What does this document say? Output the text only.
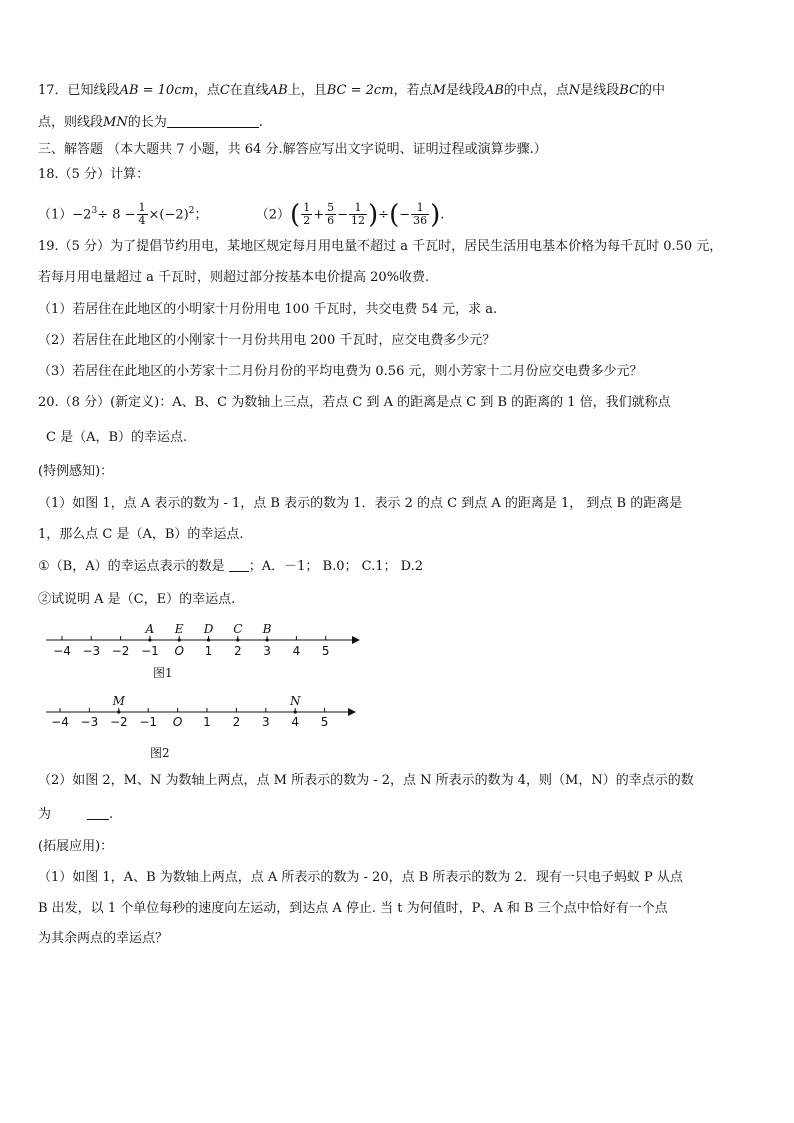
17．已知线段AB = 10cm，点C在直线AB上，且BC = 2cm，若点M是线段AB的中点，点N是线段BC的中
点，则线段MN的长为	.
三、解答题 （本大题共 7 小题，共 64 分.解答应写出文字说明、证明过程或演算步骤.）
18.（5 分）计算：
$(1)-2^3\div 8 - \frac{1}{4} \times(-2)^2$；	$(2)( \frac{1}{2} + \frac{5}{6} - \frac{1}{12}$ )÷(− $\frac{1}{36}$ ).
19.（5 分）为了提倡节约用电，某地区规定每月用电量不超过 a 千瓦时，居民生活用电基本价格为每千瓦时 0.50 元，
若每月用电量超过 a 千瓦时，则超过部分按基本电价提高 20%收费.
（1）若居住在此地区的小明家十月份用电 100 千瓦时，共交电费 54 元，求 a.
（2）若居住在此地区的小刚家十一月份共用电 200 千瓦时，应交电费多少元？
（3）若居住在此地区的小芳家十二月份月份的平均电费为 0.56 元，则小芳家十二月份应交电费多少元？
20.（8 分）(新定义)：A、B、C 为数轴上三点，若点 C 到 A 的距离是点 C 到 B 的距离的 1 倍，我们就称点
C 是（A，B）的幸运点.
(特例感知)：
（1）如图 1，点 A 表示的数为 - 1，点 B 表示的数为 1．表示 2 的点 C 到点 A 的距离是 1， 到点 B 的距离是
1，那么点 C 是（A，B）的幸运点.
①（B，A）的幸运点表示的数是 ；A．－1； B.0； C.1； D.2
②试说明 A 是（C，E）的幸运点.
−4 −3 −2 −1 O 1 2 3 4 5
A E D C B
图1
−4 −3 −2 −1 O 1 2 3 4 5
M	N
图2
（2）如图 2，M、N 为数轴上两点，点 M 所表示的数为 - 2，点 N 所表示的数为 4，则（M，N）的幸点示的数
为	.
(拓展应用)：
（1）如图 1，A、B 为数轴上两点，点 A 所表示的数为 - 20，点 B 所表示的数为 2．现有一只电子蚂蚁 P 从点
B 出发，以 1 个单位每秒的速度向左运动，到达点 A 停止. 当 t 为何值时，P、A 和 B 三个点中恰好有一个点
为其余两点的幸运点？
